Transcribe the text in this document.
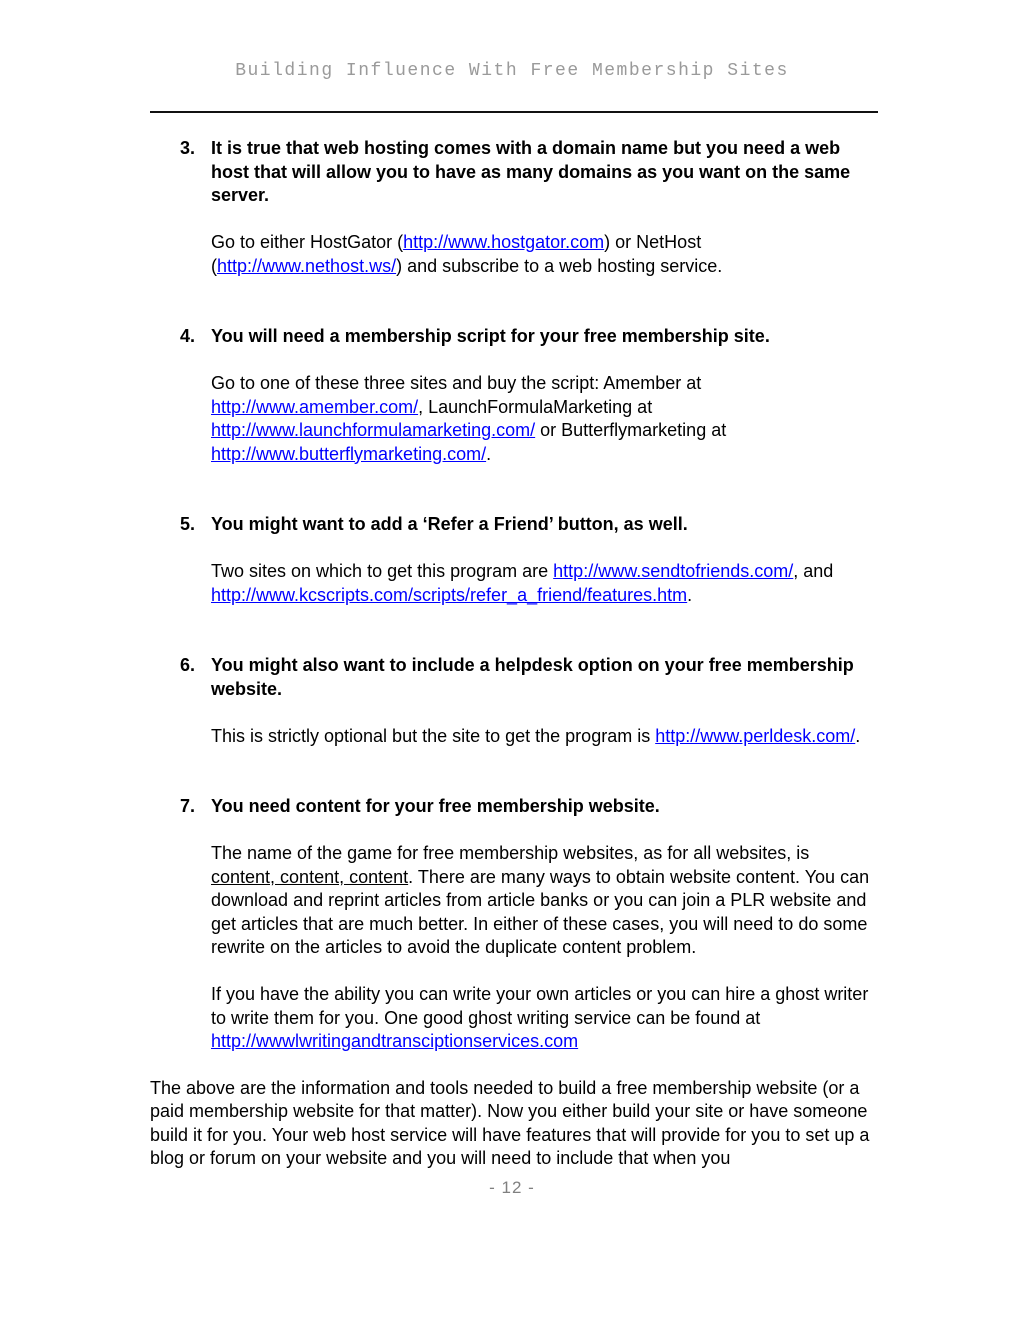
Building Influence With Free Membership Sites
3. It is true that web hosting comes with a domain name but you need a web host that will allow you to have as many domains as you want on the same server.

Go to either HostGator (http://www.hostgator.com) or NetHost (http://www.nethost.ws/) and subscribe to a web hosting service.

4. You will need a membership script for your free membership site.

Go to one of these three sites and buy the script: Amember at http://www.amember.com/, LaunchFormulaMarketing at http://www.launchformulamarketing.com/ or Butterflymarketing at http://www.butterflymarketing.com/.

5. You might want to add a ‘Refer a Friend’ button, as well.

Two sites on which to get this program are http://www.sendtofriends.com/, and http://www.kcscripts.com/scripts/refer_a_friend/features.htm.

6. You might also want to include a helpdesk option on your free membership website.

This is strictly optional but the site to get the program is http://www.perldesk.com/.

7. You need content for your free membership website.

The name of the game for free membership websites, as for all websites, is content, content, content. There are many ways to obtain website content. You can download and reprint articles from article banks or you can join a PLR website and get articles that are much better. In either of these cases, you will need to do some rewrite on the articles to avoid the duplicate content problem.

If you have the ability you can write your own articles or you can hire a ghost writer to write them for you. One good ghost writing service can be found at http://wwwlwritingandtransciptionservices.com

The above are the information and tools needed to build a free membership website (or a paid membership website for that matter). Now you either build your site or have someone build it for you. Your web host service will have features that will provide for you to set up a blog or forum on your website and you will need to include that when you

- 12 -
